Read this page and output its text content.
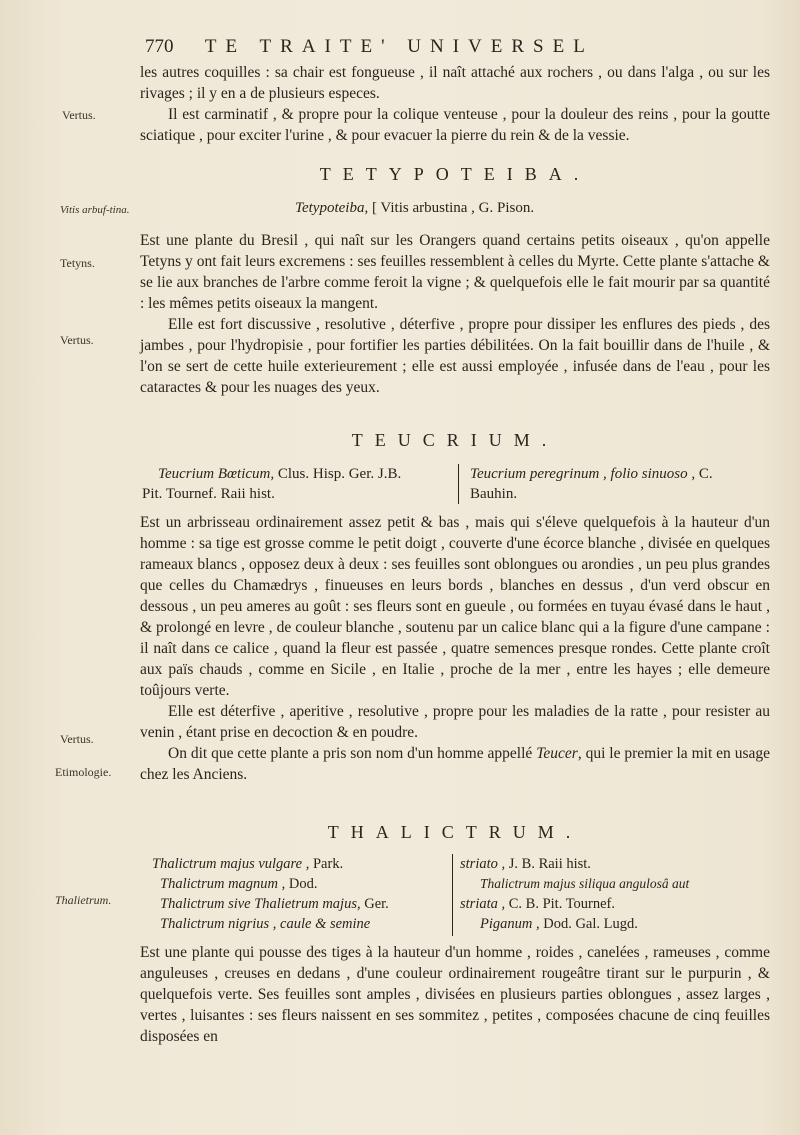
770 TE TRAITE' UNIVERSEL
Vertus.
Vitis arbuf-tina.
Tetyns.
Vertus.
Vertus.
Etimologie.
Thalietrum.

les autres coquilles : sa chair est fongueuse , il naît attaché aux rochers , ou dans l'alga , ou sur les rivages ; il y en a de plusieurs especes.

Il est carminatif , & propre pour la colique venteuse , pour la douleur des reins , pour la goutte sciatique , pour exciter l'urine , & pour evacuer la pierre du rein & de la vessie.

TETYPOTEIBA.
Tetypoteiba, [ Vitis arbustina , G. Pison.

Est une plante du Bresil , qui naît sur les Orangers quand certains petits oiseaux , qu'on appelle Tetyns y ont fait leurs excremens : ses feuilles ressemblent à celles du Myrte. Cette plante s'attache & se lie aux branches de l'arbre comme feroit la vigne ; & quelquefois elle le fait mourir par sa quantité : les mêmes petits oiseaux la mangent.

Elle est fort discussive , resolutive , déterfive , propre pour dissiper les enflures des pieds , des jambes , pour l'hydropisie , pour fortifier les parties débilitées. On la fait bouillir dans de l'huile , & l'on se sert de cette huile exterieurement ; elle est aussi employée , infusée dans de l'eau , pour les cataractes & pour les nuages des yeux.

TEUCRIUM.
Teucrium Bœticum, Clus. Hisp. Ger. J.B.
Pit. Tournef. Raii hist.
Teucrium peregrinum , folio sinuoso , C.
Bauhin.

Est un arbrisseau ordinairement assez petit & bas , mais qui s'éleve quelquefois à la hauteur d'un homme : sa tige est grosse comme le petit doigt , couverte d'une écorce blanche , divisée en quelques rameaux blancs , opposez deux à deux : ses feuilles sont oblongues ou arondies , un peu plus grandes que celles du Chamædrys , finueuses en leurs bords , blanches en dessus , d'un verd obscur en dessous , un peu ameres au goût : ses fleurs sont en gueule , ou formées en tuyau évasé dans le haut , & prolongé en levre , de couleur blanche , soutenu par un calice blanc qui a la figure d'une campane : il naît dans ce calice , quand la fleur est passée , quatre semences presque rondes. Cette plante croît aux païs chauds , comme en Sicile , en Italie , proche de la mer , entre les hayes ; elle demeure toûjours verte.

Elle est déterfive , aperitive , resolutive , propre pour les maladies de la ratte , pour resister au venin , étant prise en decoction & en poudre.

On dit que cette plante a pris son nom d'un homme appellé Teucer, qui le premier la mit en usage chez les Anciens.

THALICTRUM.
Thalictrum majus vulgare , Park.
Thalictrum magnum , Dod.
Thalictrum sive Thalietrum majus, Ger.
Thalictrum nigrius , caule & semine
striato , J. B. Raii hist.
Thalictrum majus siliqua angulosâ aut
striata , C. B. Pit. Tournef.
Piganum , Dod. Gal. Lugd.

Est une plante qui pousse des tiges à la hauteur d'un homme , roides , canelées , rameuses , comme anguleuses , creuses en dedans , d'une couleur ordinairement rougeâtre tirant sur le purpurin , & quelquefois verte. Ses feuilles sont amples , divisées en plusieurs parties oblongues , assez larges , vertes , luisantes : ses fleurs naissent en ses sommitez , petites , composées chacune de cinq feuilles disposées en
